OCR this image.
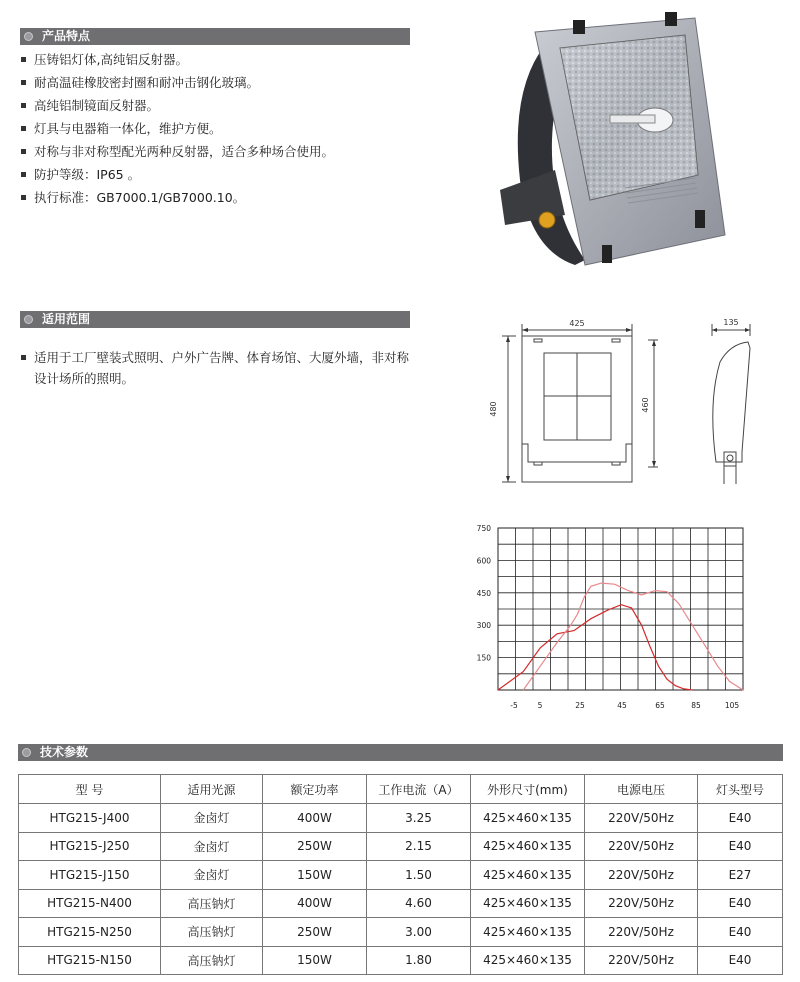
产品特点
压铸铝灯体,高纯铝反射器。
耐高温硅橡胶密封圈和耐冲击钢化玻璃。
高纯铝制镜面反射器。
灯具与电器箱一体化，维护方便。
对称与非对称型配光两种反射器，适合多种场合使用。
防护等级：IP65 。
执行标准：GB7000.1/GB7000.10。
适用范围
适用于工厂壁装式照明、户外广告牌、体育场馆、大厦外墙，非对称设计场所的照明。
425
480	460
135
750
600
450
300
150
-5	5	25	45	65	85	105
技术参数
型 号	适用光源	额定功率	工作电流（A）	外形尺寸(mm)	电源电压	灯头型号
HTG215-J400	金卤灯	400W	3.25	425×460×135	220V/50Hz	E40
HTG215-J250	金卤灯	250W	2.15	425×460×135	220V/50Hz	E40
HTG215-J150	金卤灯	150W	1.50	425×460×135	220V/50Hz	E27
HTG215-N400	高压钠灯	400W	4.60	425×460×135	220V/50Hz	E40
HTG215-N250	高压钠灯	250W	3.00	425×460×135	220V/50Hz	E40
HTG215-N150	高压钠灯	150W	1.80	425×460×135	220V/50Hz	E40
